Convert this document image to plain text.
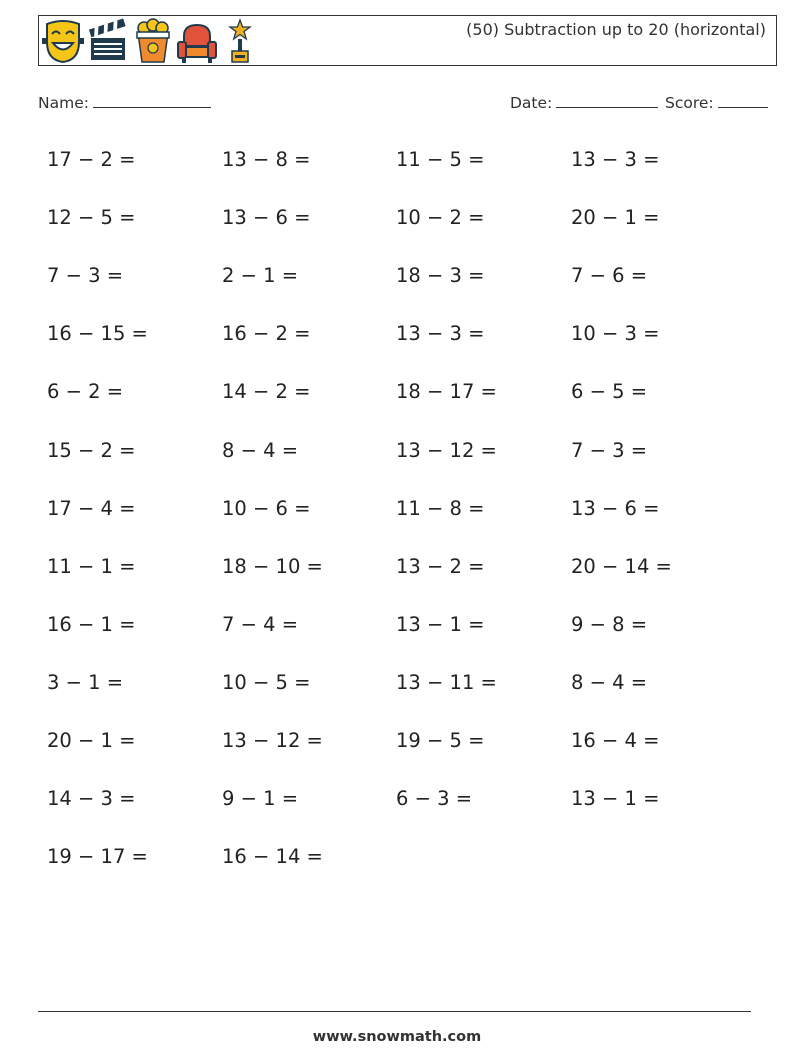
(50) Subtraction up to 20 (horizontal)
Name:	Date:	Score:
17 − 2 =	13 − 8 =	11 − 5 =	13 − 3 =
12 − 5 =	13 − 6 =	10 − 2 =	20 − 1 =
7 − 3 =	2 − 1 =	18 − 3 =	7 − 6 =
16 − 15 =	16 − 2 =	13 − 3 =	10 − 3 =
6 − 2 =	14 − 2 =	18 − 17 =	6 − 5 =
15 − 2 =	8 − 4 =	13 − 12 =	7 − 3 =
17 − 4 =	10 − 6 =	11 − 8 =	13 − 6 =
11 − 1 =	18 − 10 =	13 − 2 =	20 − 14 =
16 − 1 =	7 − 4 =	13 − 1 =	9 − 8 =
3 − 1 =	10 − 5 =	13 − 11 =	8 − 4 =
20 − 1 =	13 − 12 =	19 − 5 =	16 − 4 =
14 − 3 =	9 − 1 =	6 − 3 =	13 − 1 =
19 − 17 =	16 − 14 =
www.snowmath.com
